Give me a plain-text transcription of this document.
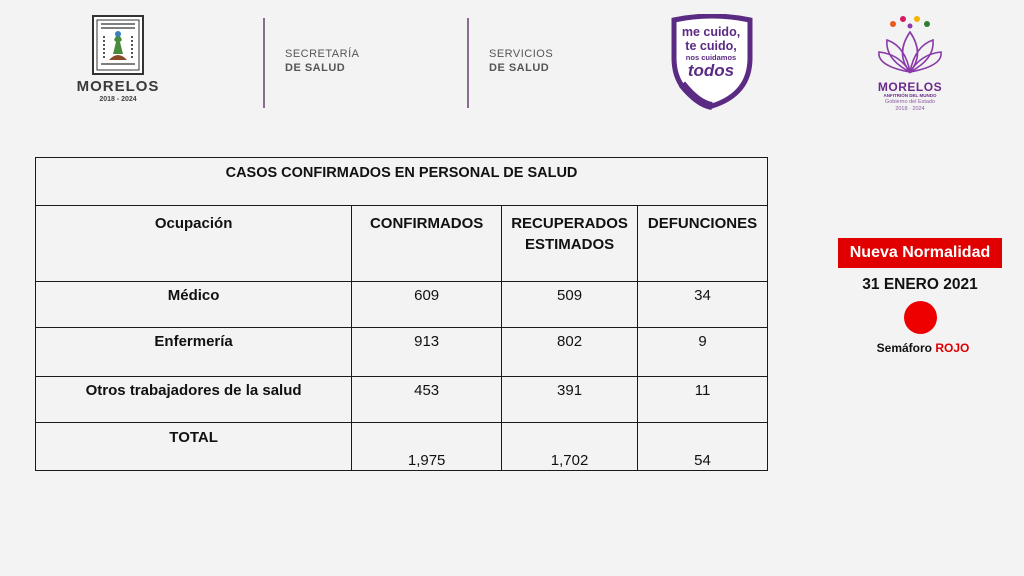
MORELOS
2018 - 2024
SECRETARÍA
DE SALUD
SERVICIOS
DE SALUD
me cuido,
te cuido,
nos cuidamos
todos
MORELOS
ANFITRIÓN DEL MUNDO
Gobierno del Estado
2018 · 2024
CASOS CONFIRMADOS EN PERSONAL DE SALUD			
Ocupación	CONFIRMADOS	RECUPERADOS ESTIMADOS	DEFUNCIONES
Médico	609	509	34
Enfermería	913	802	9
Otros trabajadores de la salud	453	391	11
TOTAL	1,975	1,702	54
Nueva Normalidad
31 ENERO 2021
Semáforo ROJO
